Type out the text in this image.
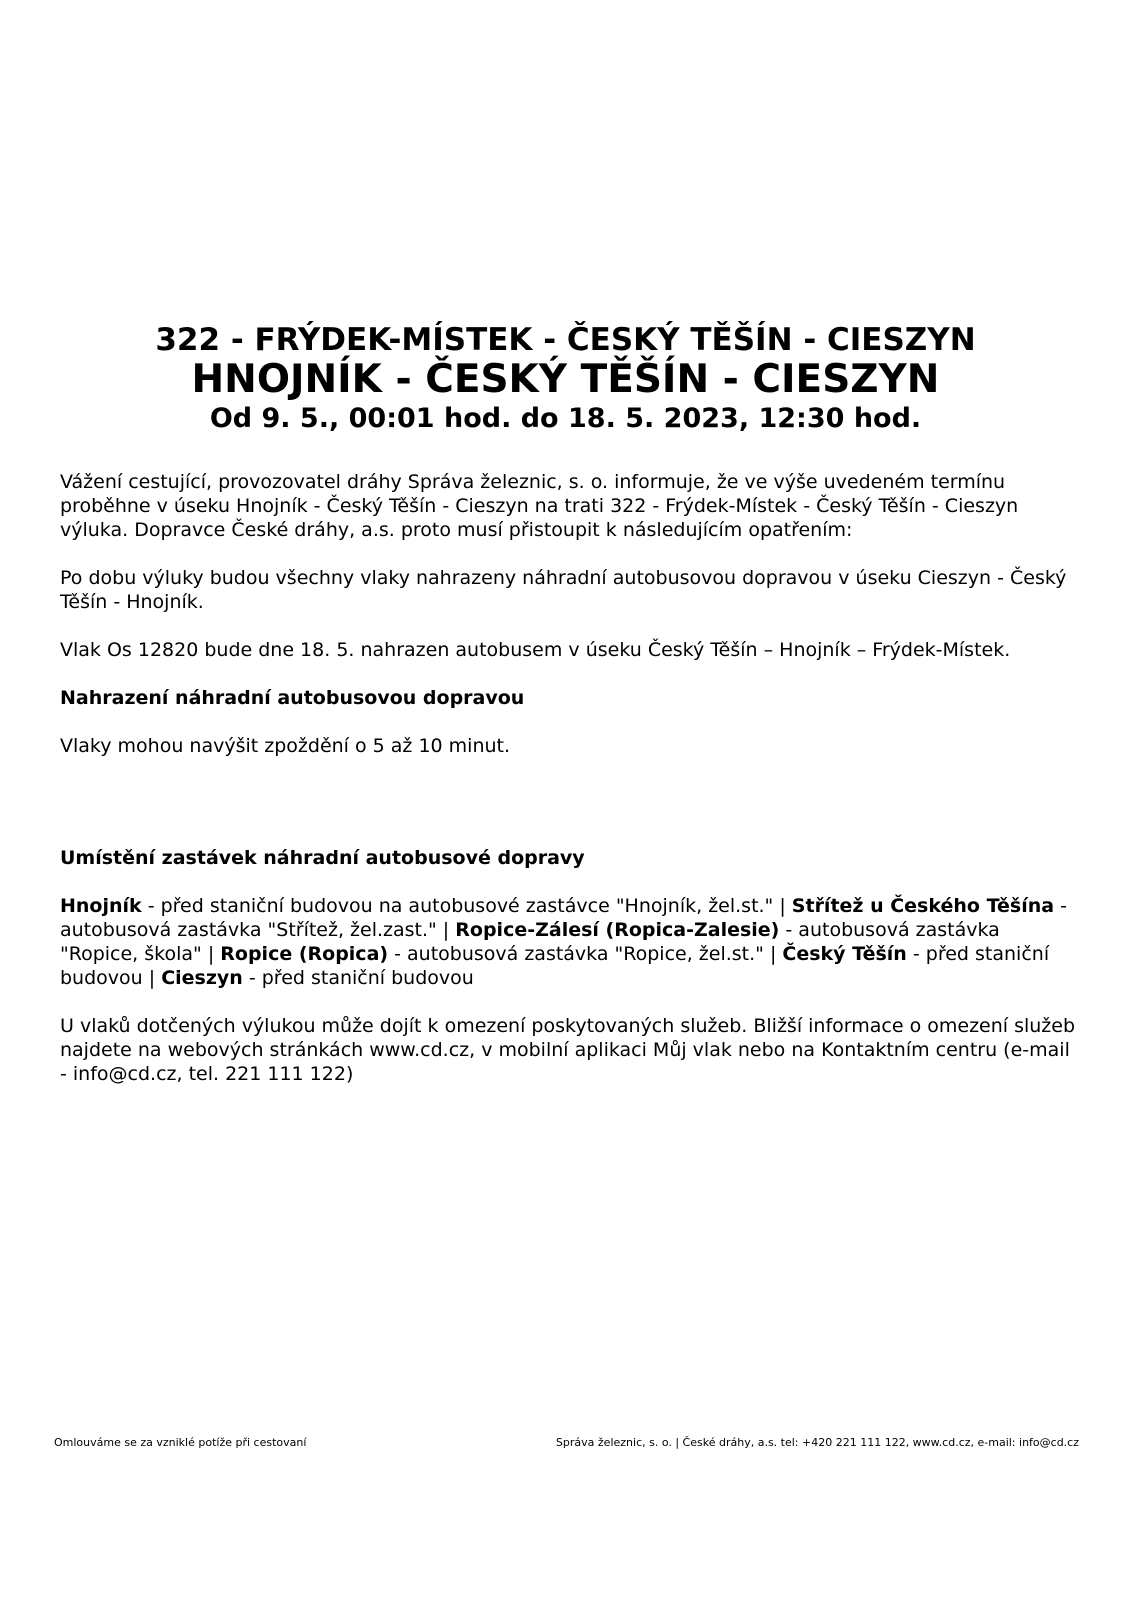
322 - FRÝDEK-MÍSTEK - ČESKÝ TĚŠÍN - CIESZYN

HNOJNÍK - ČESKÝ TĚŠÍN - CIESZYN

Od 9. 5., 00:01 hod. do 18. 5. 2023, 12:30 hod.

Vážení cestující, provozovatel dráhy Správa železnic, s. o. informuje, že ve výše uvedeném termínu proběhne v úseku Hnojník - Český Těšín - Cieszyn na trati 322 - Frýdek-Místek - Český Těšín - Cieszyn výluka. Dopravce České dráhy, a.s. proto musí přistoupit k následujícím opatřením:

Po dobu výluky budou všechny vlaky nahrazeny náhradní autobusovou dopravou v úseku Cieszyn - Český Těšín - Hnojník.

Vlak Os 12820 bude dne 18. 5. nahrazen autobusem v úseku Český Těšín – Hnojník – Frýdek-Místek.

Nahrazení náhradní autobusovou dopravou

Vlaky mohou navýšit zpoždění o 5 až 10 minut.

Umístění zastávek náhradní autobusové dopravy

Hnojník - před staniční budovou na autobusové zastávce "Hnojník, žel.st." | Střítež u Českého Těšína - autobusová zastávka "Střítež, žel.zast." | Ropice-Zálesí (Ropica-Zalesie) - autobusová zastávka "Ropice, škola" | Ropice (Ropica) - autobusová zastávka "Ropice, žel.st." | Český Těšín - před staniční budovou | Cieszyn - před staniční budovou

U vlaků dotčených výlukou může dojít k omezení poskytovaných služeb. Bližší informace o omezení služeb najdete na webových stránkách www.cd.cz, v mobilní aplikaci Můj vlak nebo na Kontaktním centru (e-mail - info@cd.cz, tel. 221 111 122)

Omlouváme se za vzniklé potíže při cestovaní	Správa železnic, s. o. | České dráhy, a.s. tel: +420 221 111 122, www.cd.cz, e-mail: info@cd.cz
